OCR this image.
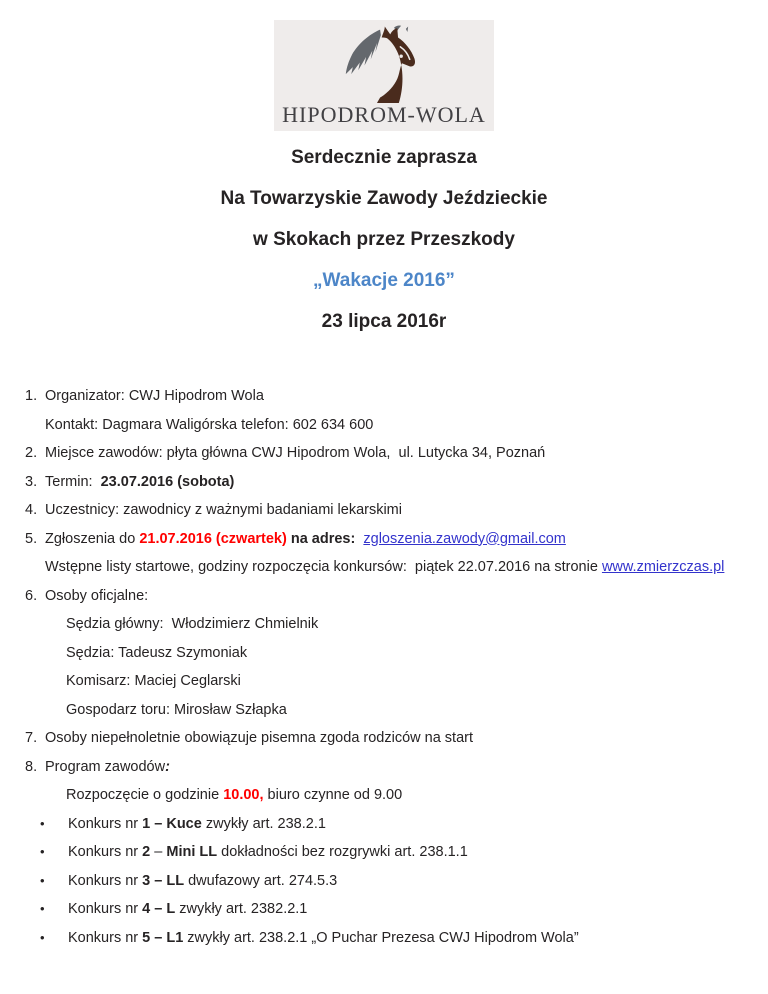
HIPODROM-WOLA
Serdecznie zaprasza
Na Towarzyskie Zawody Jeździeckie
w Skokach przez Przeszkody
„Wakacje 2016”
23 lipca 2016r
1. Organizator: CWJ Hipodrom Wola
Kontakt: Dagmara Waligórska telefon: 602 634 600
2. Miejsce zawodów: płyta główna CWJ Hipodrom Wola,  ul. Lutycka 34, Poznań
3. Termin:  23.07.2016 (sobota)
4. Uczestnicy: zawodnicy z ważnymi badaniami lekarskimi
5. Zgłoszenia do 21.07.2016 (czwartek) na adres: zgloszenia.zawody@gmail.com
Wstępne listy startowe, godziny rozpoczęcia konkursów:  piątek 22.07.2016 na stronie www.zmierzczas.pl
6. Osoby oficjalne:
Sędzia główny:  Włodzimierz Chmielnik
Sędzia: Tadeusz Szymoniak
Komisarz: Maciej Ceglarski
Gospodarz toru: Mirosław Szłapka
7. Osoby niepełnoletnie obowiązuje pisemna zgoda rodziców na start
8. Program zawodów:
Rozpoczęcie o godzinie 10.00, biuro czynne od 9.00
• Konkurs nr 1 – Kuce zwykły art. 238.2.1
• Konkurs nr 2 – Mini LL dokładności bez rozgrywki art. 238.1.1
• Konkurs nr 3 – LL dwufazowy art. 274.5.3
• Konkurs nr 4 – L zwykły art. 2382.2.1
• Konkurs nr 5 – L1 zwykły art. 238.2.1 „O Puchar Prezesa CWJ Hipodrom Wola”
